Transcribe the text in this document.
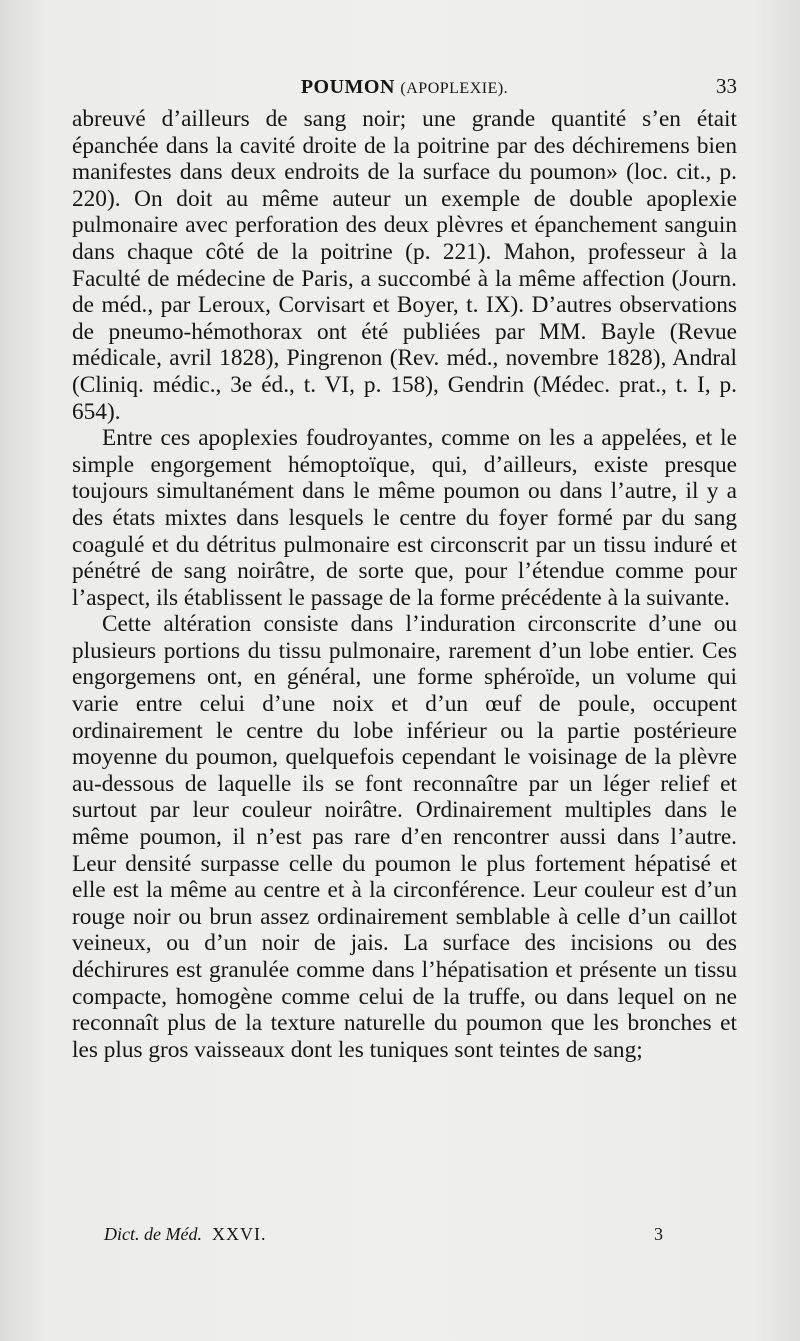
POUMON (APOPLEXIE).	33

abreuvé d’ailleurs de sang noir; une grande quantité s’en était épanchée dans la cavité droite de la poitrine par des déchiremens bien manifestes dans deux endroits de la surface du poumon» (loc. cit., p. 220). On doit au même auteur un exemple de double apoplexie pulmonaire avec perforation des deux plèvres et épanchement sanguin dans chaque côté de la poitrine (p. 221). Mahon, professeur à la Faculté de médecine de Paris, a succombé à la même affection (Journ. de méd., par Leroux, Corvisart et Boyer, t. IX). D’autres observations de pneumo-hémothorax ont été publiées par MM. Bayle (Revue médicale, avril 1828), Pingrenon (Rev. méd., novembre 1828), Andral (Cliniq. médic., 3e éd., t. VI, p. 158), Gendrin (Médec. prat., t. I, p. 654).

Entre ces apoplexies foudroyantes, comme on les a appelées, et le simple engorgement hémoptoïque, qui, d’ailleurs, existe presque toujours simultanément dans le même poumon ou dans l’autre, il y a des états mixtes dans lesquels le centre du foyer formé par du sang coagulé et du détritus pulmonaire est circonscrit par un tissu induré et pénétré de sang noirâtre, de sorte que, pour l’étendue comme pour l’aspect, ils établissent le passage de la forme précédente à la suivante.

Cette altération consiste dans l’induration circonscrite d’une ou plusieurs portions du tissu pulmonaire, rarement d’un lobe entier. Ces engorgemens ont, en général, une forme sphéroïde, un volume qui varie entre celui d’une noix et d’un œuf de poule, occupent ordinairement le centre du lobe inférieur ou la partie postérieure moyenne du poumon, quelquefois cependant le voisinage de la plèvre au-dessous de laquelle ils se font reconnaître par un léger relief et surtout par leur couleur noirâtre. Ordinairement multiples dans le même poumon, il n’est pas rare d’en rencontrer aussi dans l’autre. Leur densité surpasse celle du poumon le plus fortement hépatisé et elle est la même au centre et à la circonférence. Leur couleur est d’un rouge noir ou brun assez ordinairement semblable à celle d’un caillot veineux, ou d’un noir de jais. La surface des incisions ou des déchirures est granulée comme dans l’hépatisation et présente un tissu compacte, homogène comme celui de la truffe, ou dans lequel on ne reconnaît plus de la texture naturelle du poumon que les bronches et les plus gros vaisseaux dont les tuniques sont teintes de sang;

Dict. de Méd. XXVI.	3
